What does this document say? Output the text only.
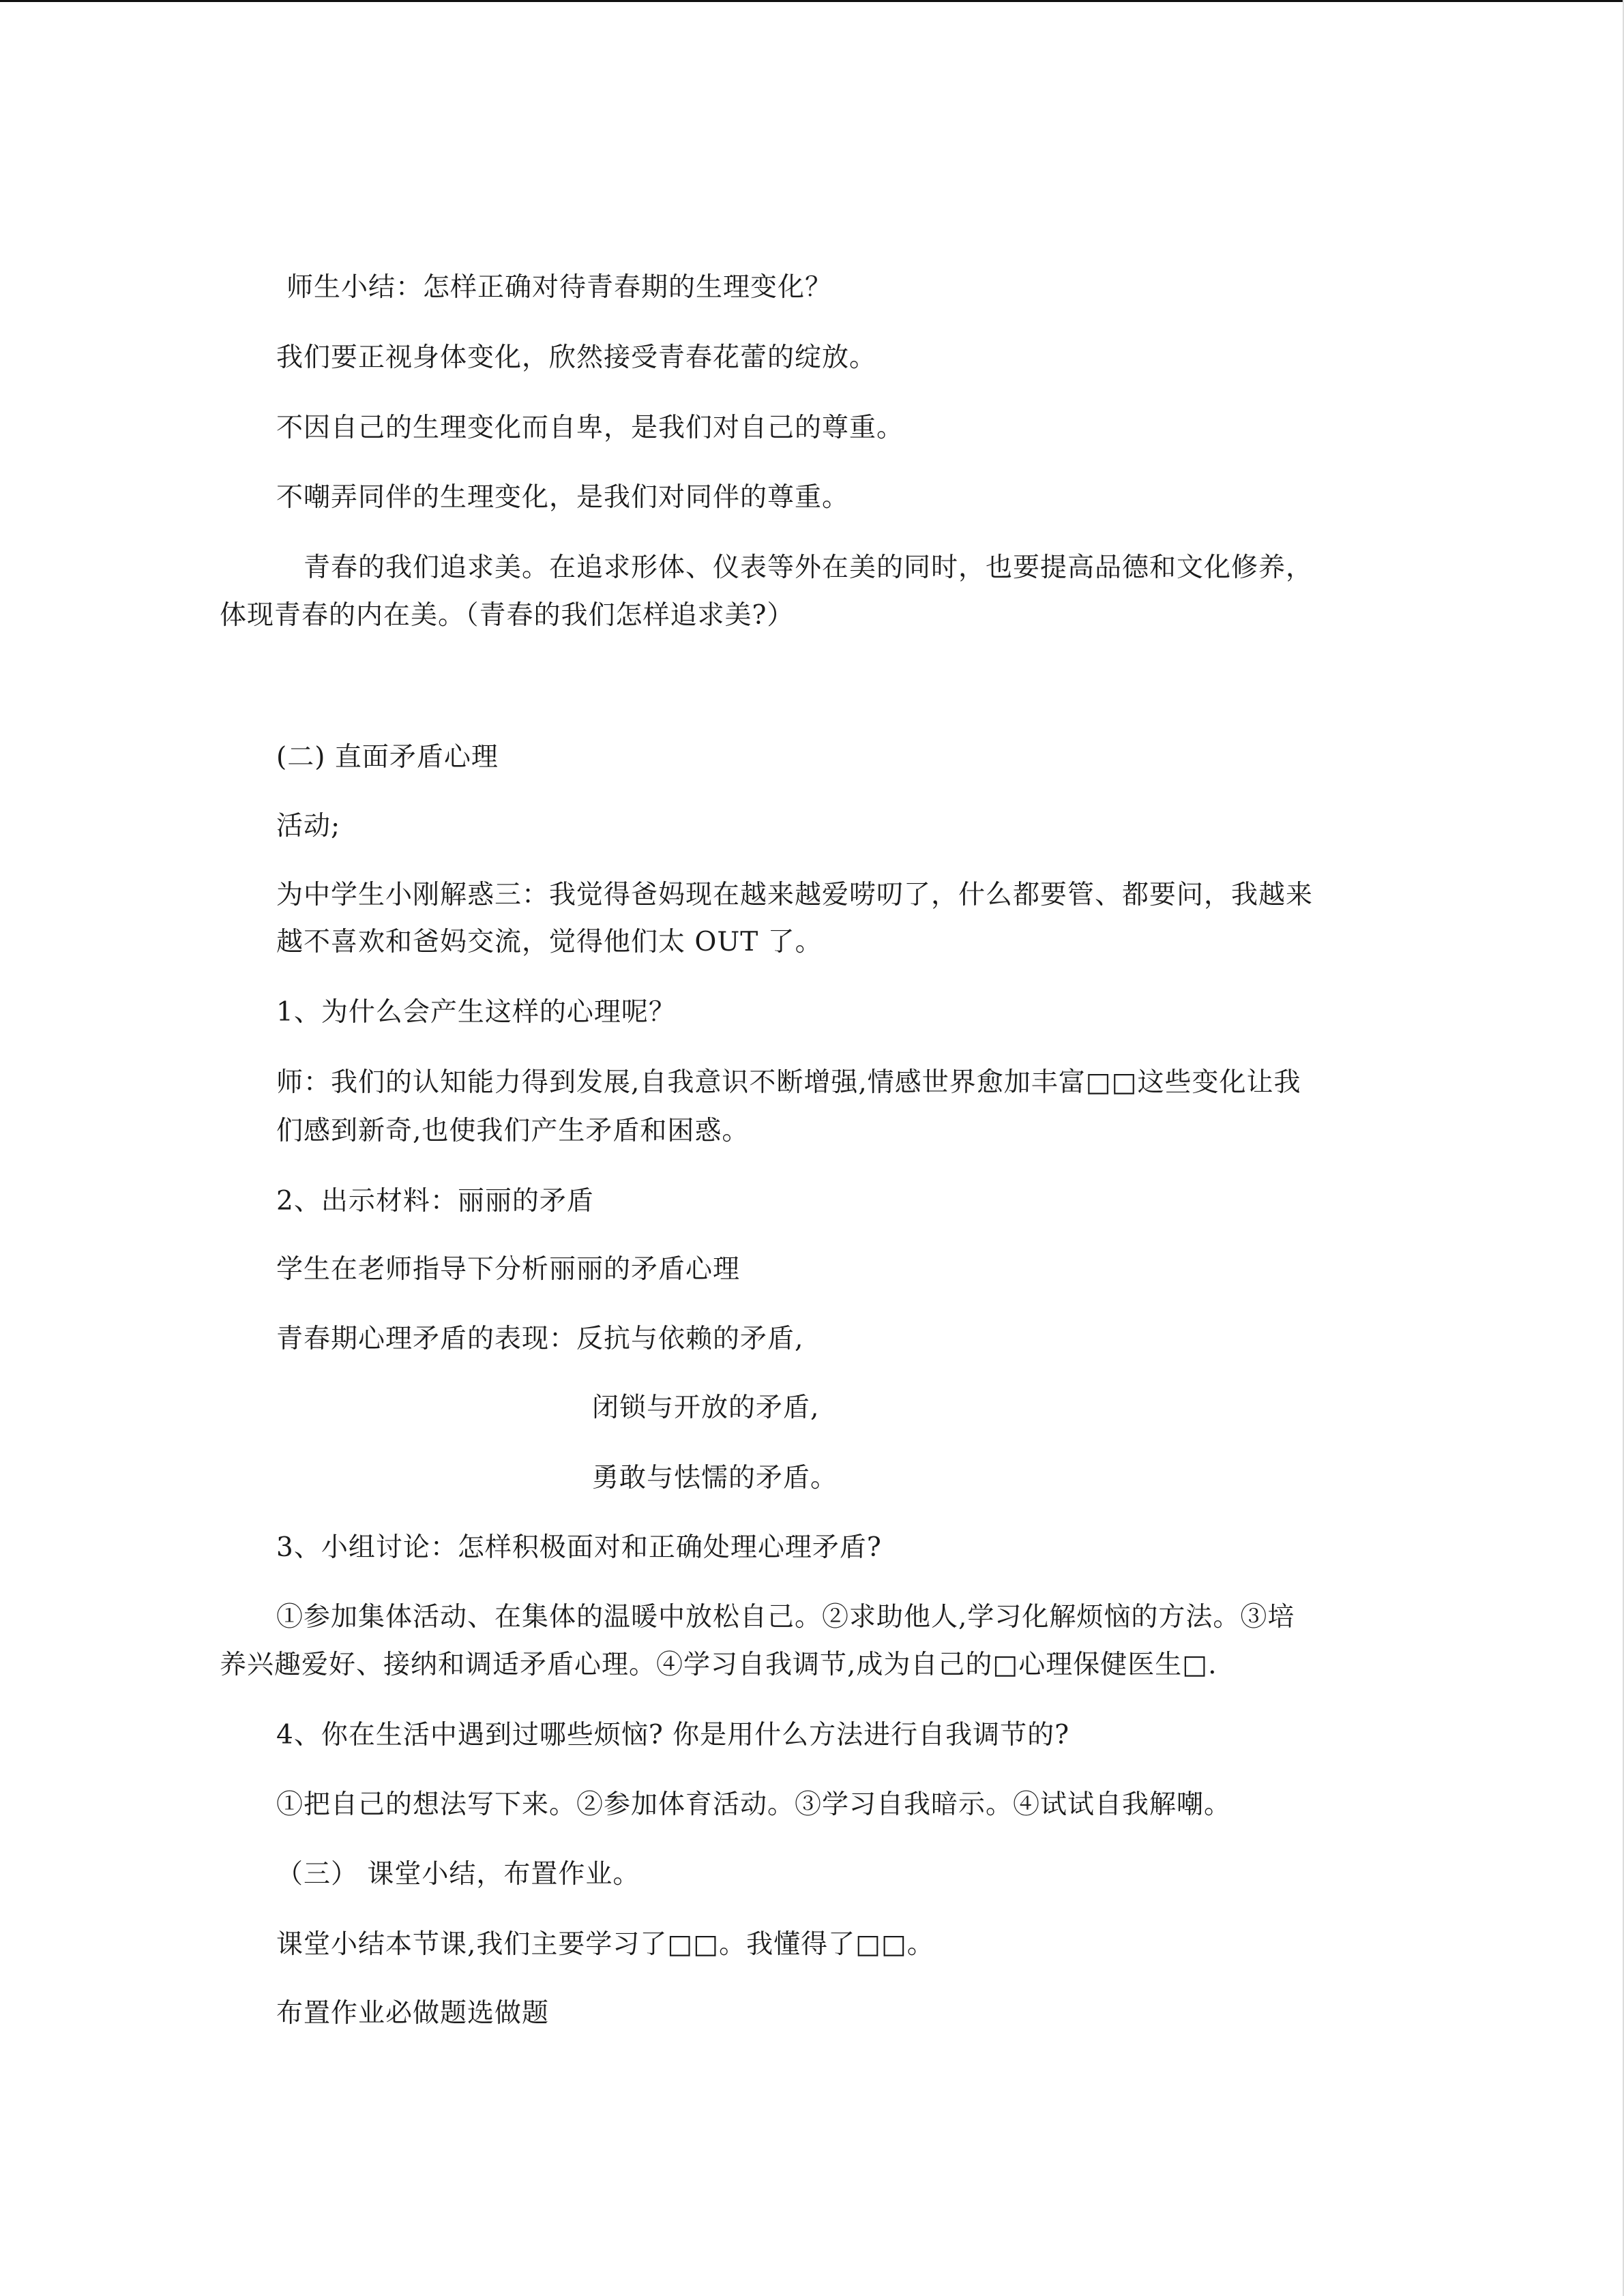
师生小结：怎样正确对待青春期的生理变化？
我们要正视身体变化，欣然接受青春花蕾的绽放。
不因自己的生理变化而自卑，是我们对自己的尊重。
不嘲弄同伴的生理变化，是我们对同伴的尊重。
青春的我们追求美。在追求形体、仪表等外在美的同时，也要提高品德和文化修养，
体现青春的内在美。（青春的我们怎样追求美?）
(二) 直面矛盾心理
活动;
为中学生小刚解惑三：我觉得爸妈现在越来越爱唠叨了，什么都要管、都要问，我越来
越不喜欢和爸妈交流，觉得他们太 OUT 了。
1、为什么会产生这样的心理呢？
师：我们的认知能力得到发展,自我意识不断增强,情感世界愈加丰富□□这些变化让我
们感到新奇,也使我们产生矛盾和困惑。
2、出示材料：丽丽的矛盾
学生在老师指导下分析丽丽的矛盾心理
青春期心理矛盾的表现：反抗与依赖的矛盾,
闭锁与开放的矛盾,
勇敢与怯懦的矛盾。
3、小组讨论：怎样积极面对和正确处理心理矛盾?
①参加集体活动、在集体的温暖中放松自己。②求助他人,学习化解烦恼的方法。③培
养兴趣爱好、接纳和调适矛盾心理。④学习自我调节,成为自己的□心理保健医生□.
4、你在生活中遇到过哪些烦恼? 你是用什么方法进行自我调节的?
①把自己的想法写下来。②参加体育活动。③学习自我暗示。④试试自我解嘲。
（三） 课堂小结，布置作业。
课堂小结本节课,我们主要学习了□□。我懂得了□□。
布置作业必做题选做题
